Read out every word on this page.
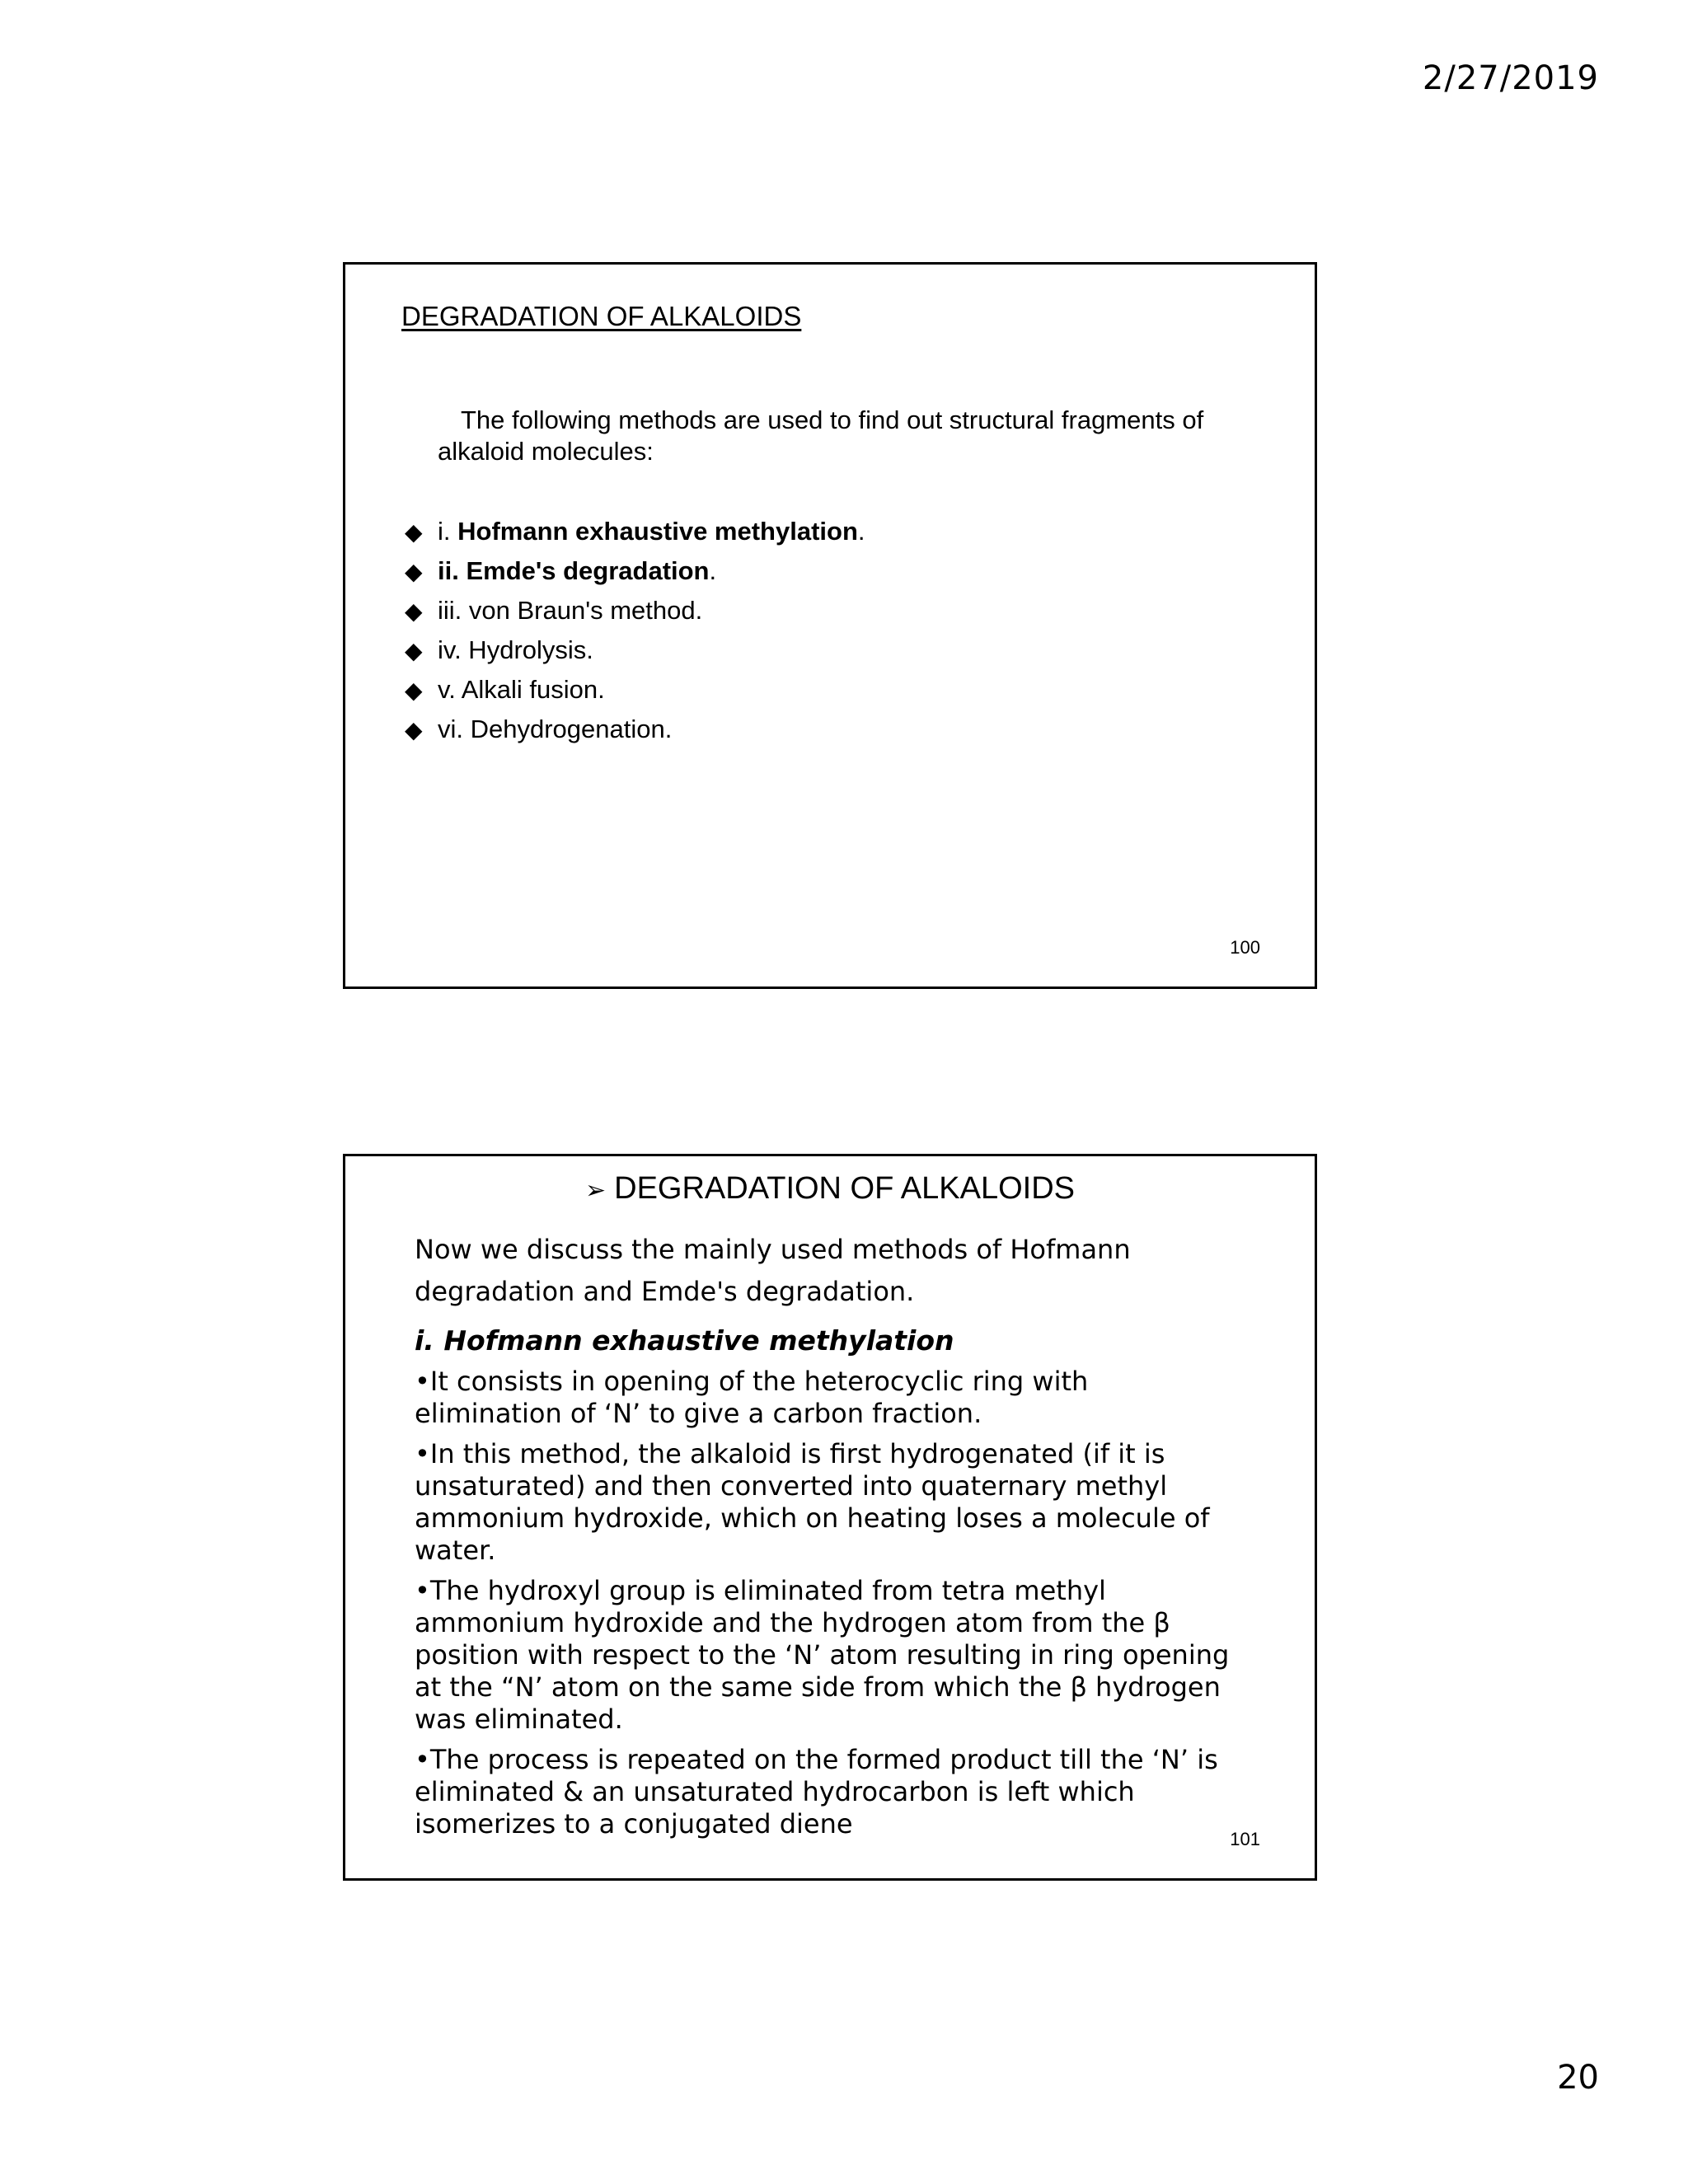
2/27/2019
DEGRADATION OF ALKALOIDS
The following methods are used to find out structural fragments of
alkaloid molecules:
◆ i. Hofmann exhaustive methylation.
◆ ii. Emde's degradation.
◆ iii. von Braun's method.
◆ iv. Hydrolysis.
◆ v. Alkali fusion.
◆ vi. Dehydrogenation.
100
➢ DEGRADATION OF ALKALOIDS

Now we discuss the mainly used methods of Hofmann
degradation and Emde's degradation.

i. Hofmann exhaustive methylation

•It consists in opening of the heterocyclic ring with
elimination of ‘N’ to give a carbon fraction.

•In this method, the alkaloid is first hydrogenated (if it is
unsaturated) and then converted into quaternary methyl
ammonium hydroxide, which on heating loses a molecule of
water.

•The hydroxyl group is eliminated from tetra methyl
ammonium hydroxide and the hydrogen atom from the β
position with respect to the ‘N’ atom resulting in ring opening
at the “N’ atom on the same side from which the β hydrogen
was eliminated.

•The process is repeated on the formed product till the ‘N’ is
eliminated & an unsaturated hydrocarbon is left which
isomerizes to a conjugated diene	101
20
